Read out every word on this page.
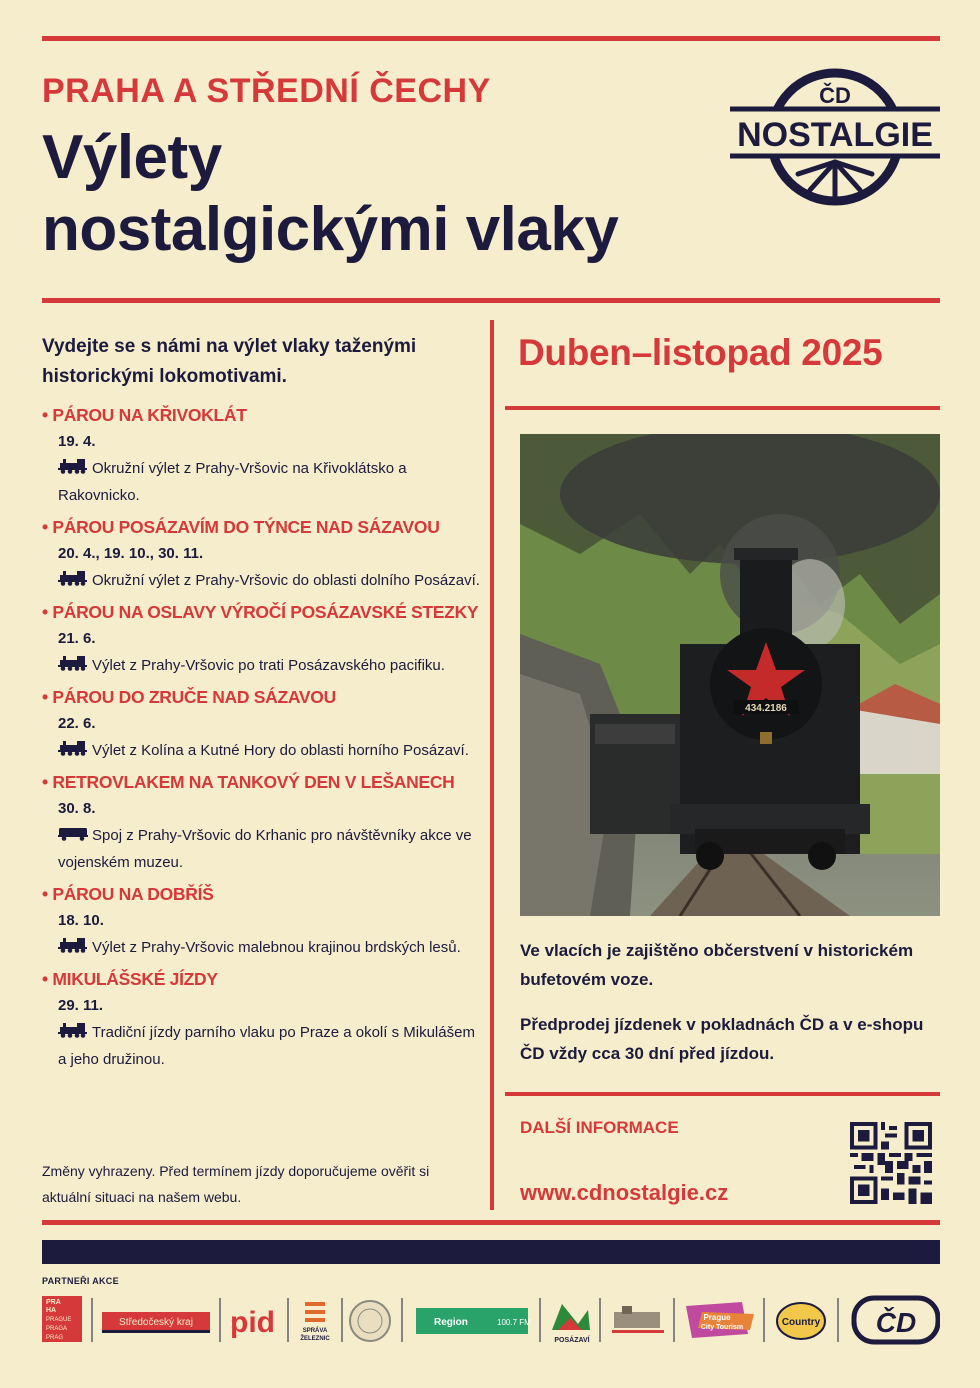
PRAHA A STŘEDNÍ ČECHY
Výlety
nostalgickými vlaky
ČD
NOSTALGIE
Vydejte se s námi na výlet vlaky taženými historickými lokomotivami.
• PÁROU NA KŘIVOKLÁT
19. 4.
Okružní výlet z Prahy-Vršovic na Křivoklátsko a Rakovnicko.
• PÁROU POSÁZAVÍM DO TÝNCE NAD SÁZAVOU
20. 4., 19. 10., 30. 11.
Okružní výlet z Prahy-Vršovic do oblasti dolního Posázaví.
• PÁROU NA OSLAVY VÝROČÍ POSÁZAVSKÉ STEZKY
21. 6.
Výlet z Prahy-Vršovic po trati Posázavského pacifiku.
• PÁROU DO ZRUČE NAD SÁZAVOU
22. 6.
Výlet z Kolína a Kutné Hory do oblasti horního Posázaví.
• RETROVLAKEM NA TANKOVÝ DEN V LEŠANECH
30. 8.
Spoj z Prahy-Vršovic do Krhanic pro návštěvníky akce ve vojenském muzeu.
• PÁROU NA DOBŘÍŠ
18. 10.
Výlet z Prahy-Vršovic malebnou krajinou brdských lesů.
• MIKULÁŠSKÉ JÍZDY
29. 11.
Tradiční jízdy parního vlaku po Praze a okolí s Mikulášem a jeho družinou.
Změny vyhrazeny. Před termínem jízdy doporučujeme ověřit si aktuální situaci na našem webu.
Duben–listopad 2025
434.2186
Ve vlacích je zajištěno občerstvení v historickém bufetovém voze.
Předprodej jízdenek v pokladnách ČD a v e-shopu ČD vždy cca 30 dní před jízdou.
DALŠÍ INFORMACE
www.cdnostalgie.cz
PARTNEŘI AKCE
PRA
HA
PRAGUE
PRAGA
PRAG
Středočeský kraj pid	SPRÁVA
ŽELEZNIC
Region	100.7 FM
POSÁZAVÍ
Prague
City Tourism	Country ČD
